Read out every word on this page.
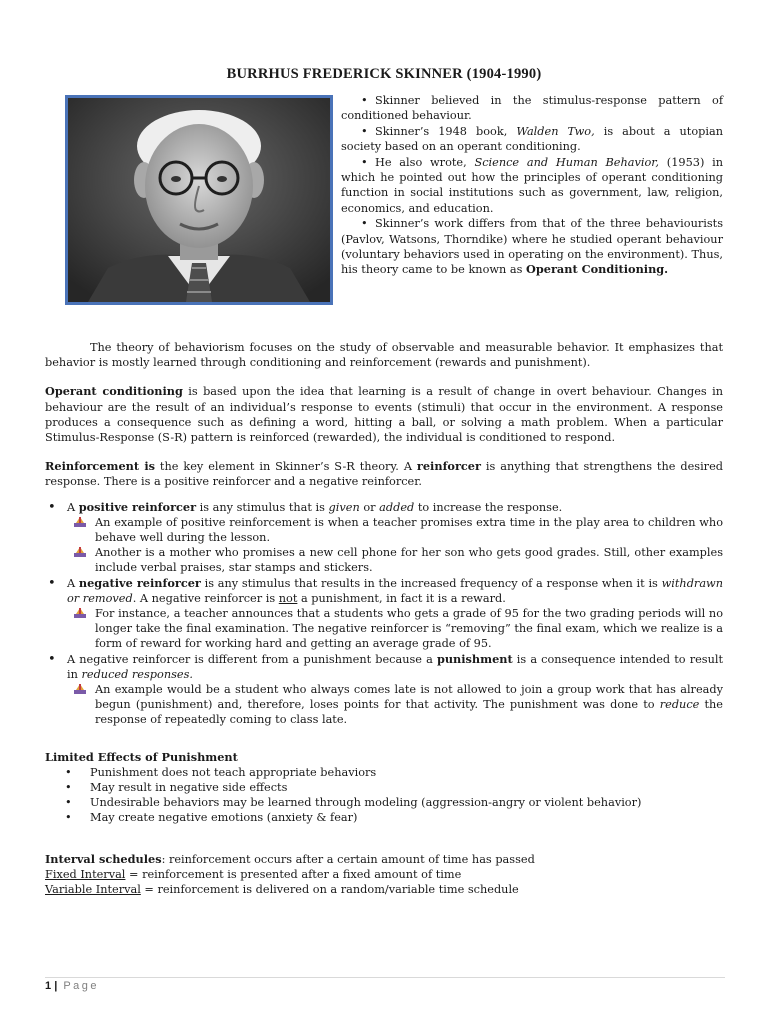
BURRHUS FREDERICK SKINNER (1904-1990)

• Skinner believed in the stimulus-response pattern of conditioned behaviour.

• Skinner’s 1948 book, Walden Two, is about a utopian society based on an operant conditioning.

• He also wrote, Science and Human Behavior, (1953) in which he pointed out how the principles of operant conditioning function in social institutions such as government, law, religion, economics, and education.

• Skinner’s work differs from that of the three behaviourists (Pavlov, Watsons, Thorndike) where he studied operant behaviour (voluntary behaviors used in operating on the environment). Thus, his theory came to be known as Operant Conditioning.

The theory of behaviorism focuses on the study of observable and measurable behavior. It emphasizes that behavior is mostly learned through conditioning and reinforcement (rewards and punishment).

Operant conditioning is based upon the idea that learning is a result of change in overt behaviour. Changes in behaviour are the result of an individual’s response to events (stimuli) that occur in the environment. A response produces a consequence such as defining a word, hitting a ball, or solving a math problem. When a particular Stimulus-Response (S-R) pattern is reinforced (rewarded), the individual is conditioned to respond.

Reinforcement is the key element in Skinner’s S-R theory. A reinforcer is anything that strengthens the desired response. There is a positive reinforcer and a negative reinforcer.

• A positive reinforcer is any stimulus that is given or added to increase the response.
An example of positive reinforcement is when a teacher promises extra time in the play area to children who behave well during the lesson.
Another is a mother who promises a new cell phone for her son who gets good grades. Still, other examples include verbal praises, star stamps and stickers.
• A negative reinforcer is any stimulus that results in the increased frequency of a response when it is withdrawn or removed. A negative reinforcer is not a punishment, in fact it is a reward.
For instance, a teacher announces that a students who gets a grade of 95 for the two grading periods will no longer take the final examination. The negative reinforcer is “removing” the final exam, which we realize is a form of reward for working hard and getting an average grade of 95.
• A negative reinforcer is different from a punishment because a punishment is a consequence intended to result in reduced responses.
An example would be a student who always comes late is not allowed to join a group work that has already begun (punishment) and, therefore, loses points for that activity. The punishment was done to reduce the response of repeatedly coming to class late.
Limited Effects of Punishment
• Punishment does not teach appropriate behaviors
• May result in negative side effects
• Undesirable behaviors may be learned through modeling (aggression-angry or violent behavior)
• May create negative emotions (anxiety & fear)
Interval schedules: reinforcement occurs after a certain amount of time has passed
Fixed Interval = reinforcement is presented after a fixed amount of time
Variable Interval = reinforcement is delivered on a random/variable time schedule
1 | Page
